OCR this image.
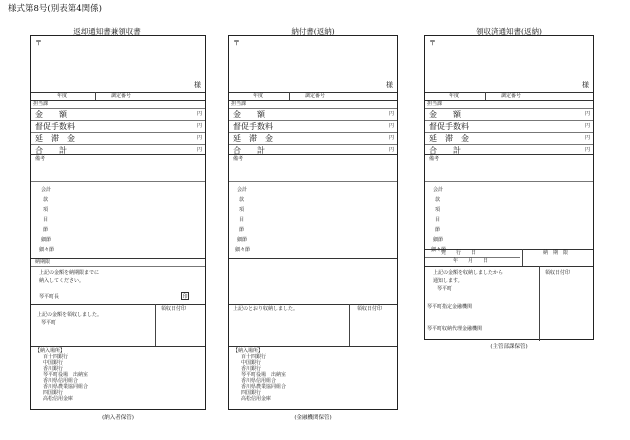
様式第8号(別表第4関係)
返却通知書兼領収書
〒
様
年度	調定番号
担当課
金　　額	円
督促手数料	円
延　滞　金	円
合　　計	円
備考
会計
款
項
目
節
細節
細々節
納期限
上記の金額を納期限までに
納入してください。
琴平町長	印
上記の金額を領収しました。
琴平町
領収日付印
【納入場所】
百十四銀行
中国銀行
香川銀行
琴平町役場　出納室
香川県信用組合
香川県農業協同組合
四国銀行
高松信用金庫
(納入者保管)
納付書(返納)
〒
様
年度	調定番号
担当課
金　　額	円
督促手数料	円
延　滞　金	円
合　　計	円
備考
会計
款
項
目
節
細節
細々節
上記のとおり収納しました。	領収日付印
【納入場所】
百十四銀行
中国銀行
香川銀行
琴平町役場　出納室
香川県信用組合
香川県農業協同組合
四国銀行
高松信用金庫
(金融機関保管)
領収済通知書(返納)
〒
様
年度	調定番号
担当課
金　　額	円
督促手数料	円
延　滞　金	円
合　　計	円
備考
会計
款
項
目
節
細節
細々節
発　　行　　日	納　期　限
年　　月　　日
上記の金額を収納しましたから
通知します。
琴平町
領収日付印
琴平町指定金融機関
琴平町収納代理金融機関
(主管部課保管)
